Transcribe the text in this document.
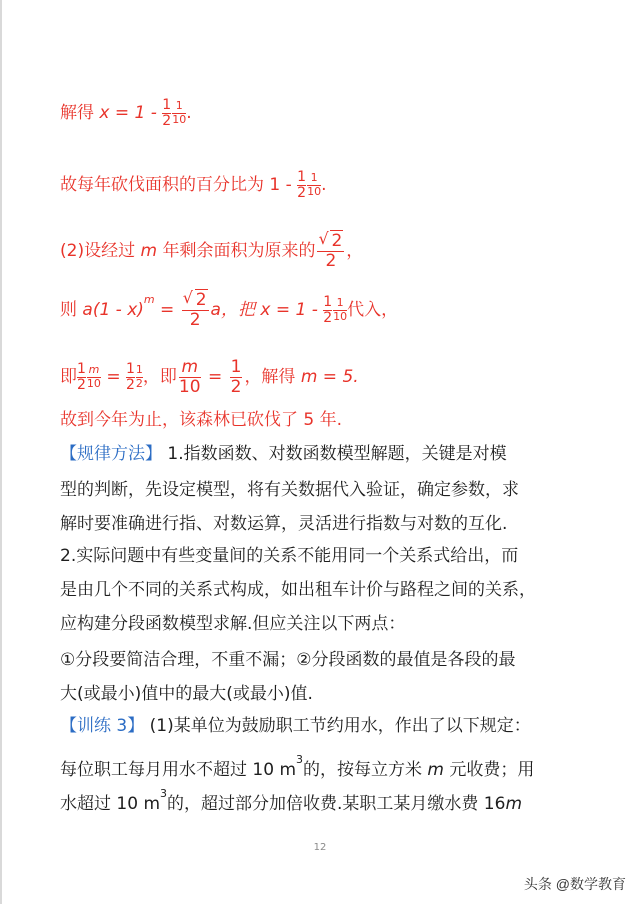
解得 $x = 1 - \frac{1}{2} \frac{1}{10}$ .
故每年砍伐面积的百分比为 $1 - \frac{1}{2} \frac{1}{10}$ .
(2)设经过 m 年剩余面积为原来的 $\frac{√ 2}{2}$ ，
则 $a(1 - x)m = \frac{√ 2}{2}$ a，把 $x = 1 - \frac{1}{2} \frac{1}{10}$ 代入，
即 $\frac{1}{2} \frac{m}{10} = \frac{1}{2} \frac{1}{2}$ ，即 $\frac{m}{10} = \frac{1}{2}$ ，解得 m = 5.
故到今年为止，该森林已砍伐了 5 年.
【规律方法】 1.指数函数、对数函数模型解题，关键是对模
型的判断，先设定模型，将有关数据代入验证，确定参数，求
解时要准确进行指、对数运算，灵活进行指数与对数的互化.
2.实际问题中有些变量间的关系不能用同一个关系式给出，而
是由几个不同的关系式构成，如出租车计价与路程之间的关系，
应构建分段函数模型求解.但应关注以下两点：
①分段要简洁合理，不重不漏；②分段函数的最值是各段的最
大(或最小)值中的最大(或最小)值.
【训练 3】 (1)某单位为鼓励职工节约用水，作出了以下规定：
每位职工每月用水不超过 10 m3的，按每立方米 m 元收费；用
水超过 10 m3的，超过部分加倍收费.某职工某月缴水费 16m
12
头条 @数学教育
